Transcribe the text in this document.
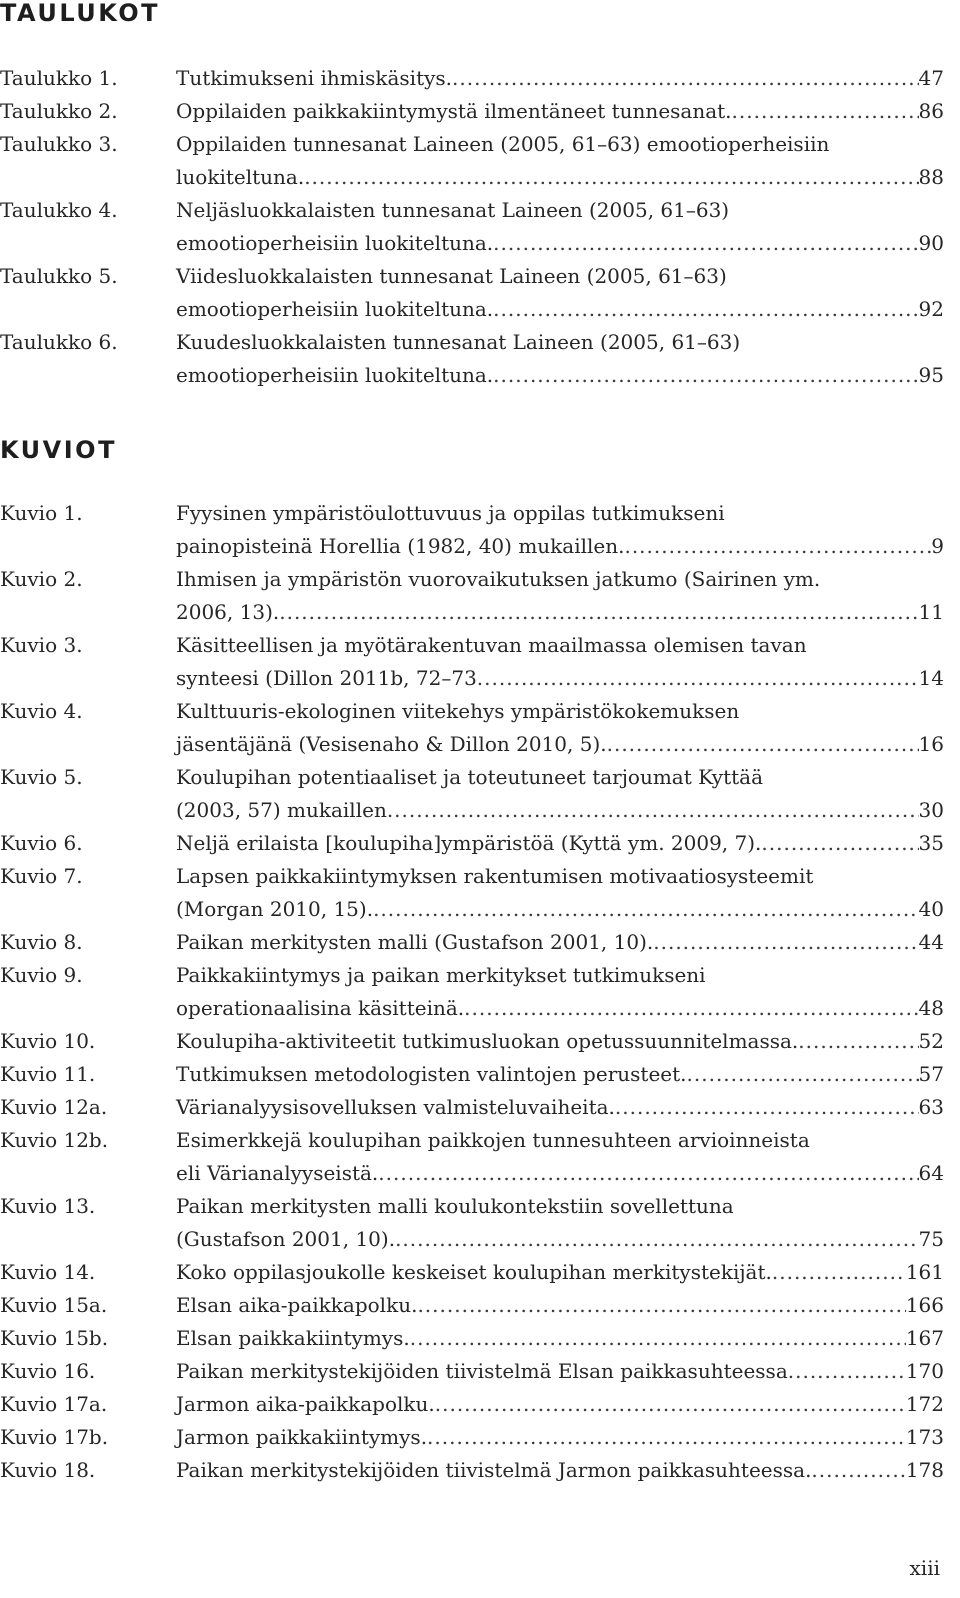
TAULUKOT
Taulukko 1.	Tutkimukseni ihmiskäsitys. .....	47
Taulukko 2.	Oppilaiden paikkakiintymystä ilmentäneet tunnesanat. .....	86
Taulukko 3.	Oppilaiden tunnesanat Laineen (2005, 61–63) emootioperheisiin
luokiteltuna. .....	88
Taulukko 4.	Neljäsluokkalaisten tunnesanat Laineen (2005, 61–63)
emootioperheisiin luokiteltuna. .....	90
Taulukko 5.	Viidesluokkalaisten tunnesanat Laineen (2005, 61–63)
emootioperheisiin luokiteltuna. .....	92
Taulukko 6.	Kuudesluokkalaisten tunnesanat Laineen (2005, 61–63)
emootioperheisiin luokiteltuna. .....	95
KUVIOT
Kuvio 1.	Fyysinen ympäristöulottuvuus ja oppilas tutkimukseni
painopisteinä Horellia (1982, 40) mukaillen. .....	9
Kuvio 2.	Ihmisen ja ympäristön vuorovaikutuksen jatkumo (Sairinen ym.
2006, 13). .....	11
Kuvio 3.	Käsitteellisen ja myötärakentuvan maailmassa olemisen tavan
synteesi (Dillon 2011b, 72–73 .....	14
Kuvio 4.	Kulttuuris-ekologinen viitekehys ympäristökokemuksen
jäsentäjänä (Vesisenaho & Dillon 2010, 5). .....	16
Kuvio 5.	Koulupihan potentiaaliset ja toteutuneet tarjoumat Kyttää
(2003, 57) mukaillen .....	30
Kuvio 6.	Neljä erilaista [koulupiha]ympäristöä (Kyttä ym. 2009, 7). .....	35
Kuvio 7.	Lapsen paikkakiintymyksen rakentumisen motivaatiosysteemit
(Morgan 2010, 15). .....	40
Kuvio 8.	Paikan merkitysten malli (Gustafson 2001, 10). .....	44
Kuvio 9.	Paikkakiintymys ja paikan merkitykset tutkimukseni
operationaalisina käsitteinä. .....	48
Kuvio 10.	Koulupiha-aktiviteetit tutkimusluokan opetussuunnitelmassa. .....	52
Kuvio 11.	Tutkimuksen metodologisten valintojen perusteet. .....	57
Kuvio 12a.	Värianalyysisovelluksen valmisteluvaiheita. .....	63
Kuvio 12b.	Esimerkkejä koulupihan paikkojen tunnesuhteen arvioinneista
eli Värianalyyseistä. .....	64
Kuvio 13.	Paikan merkitysten malli koulukontekstiin sovellettuna
(Gustafson 2001, 10). .....	75
Kuvio 14.	Koko oppilasjoukolle keskeiset koulupihan merkitystekijät. .....	161
Kuvio 15a.	Elsan aika-paikkapolku. .....	166
Kuvio 15b.	Elsan paikkakiintymys. .....	167
Kuvio 16.	Paikan merkitystekijöiden tiivistelmä Elsan paikkasuhteessa .....	170
Kuvio 17a.	Jarmon aika-paikkapolku. .....	172
Kuvio 17b.	Jarmon paikkakiintymys. .....	173
Kuvio 18.	Paikan merkitystekijöiden tiivistelmä Jarmon paikkasuhteessa. .....	178
xiii
